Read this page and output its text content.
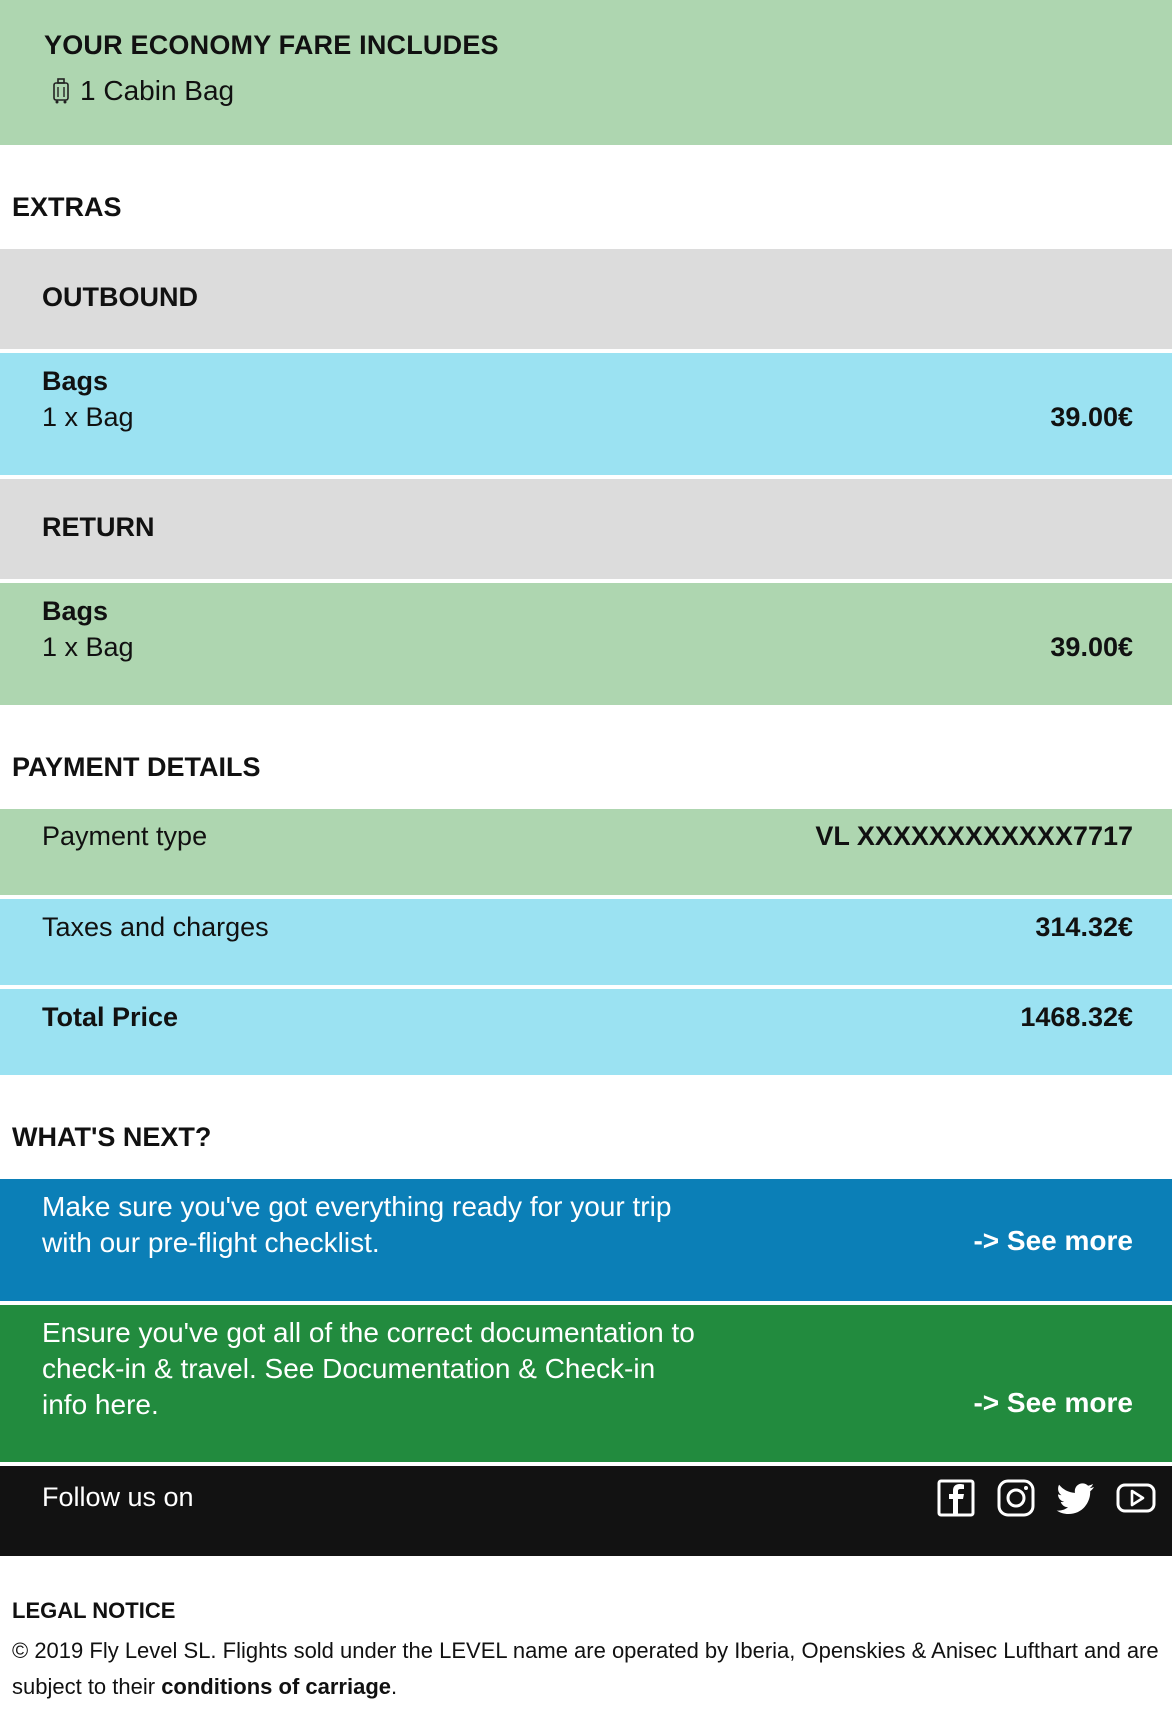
YOUR ECONOMY FARE INCLUDES
1 Cabin Bag
EXTRAS
OUTBOUND
Bags
1 x Bag	39.00€
RETURN
Bags
1 x Bag	39.00€
PAYMENT DETAILS
Payment type	VL XXXXXXXXXXXX7717
Taxes and charges	314.32€
Total Price	1468.32€
WHAT'S NEXT?
Make sure you've got everything ready for your trip with our pre-flight checklist.	-> See more
Ensure you've got all of the correct documentation to check-in & travel. See Documentation & Check-in info here.	-> See more
Follow us on
LEGAL NOTICE
© 2019 Fly Level SL. Flights sold under the LEVEL name are operated by Iberia, Openskies & Anisec Lufthart and are subject to their conditions of carriage.
